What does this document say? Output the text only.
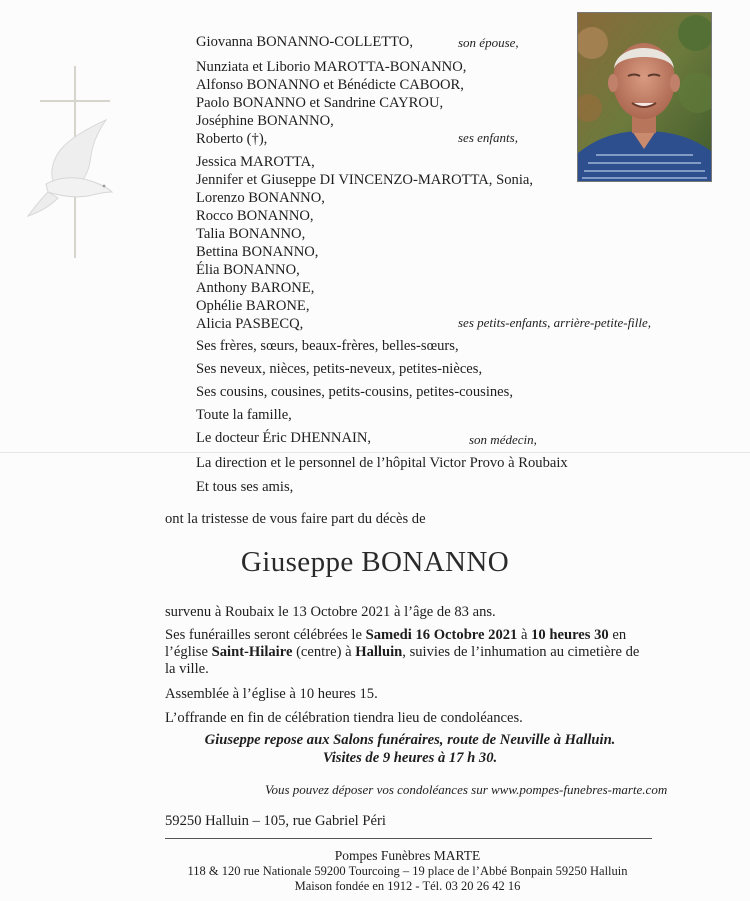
Giovanna BONANNO-COLLETTO,	son épouse,
Nunziata et Liborio MAROTTA-BONANNO,
Alfonso BONANNO et Bénédicte CABOOR,
Paolo BONANNO et Sandrine CAYROU,
Joséphine BONANNO,
Roberto (†),	ses enfants,
Jessica MAROTTA,
Jennifer et Giuseppe DI VINCENZO-MAROTTA, Sonia,
Lorenzo BONANNO,
Rocco BONANNO,
Talia BONANNO,
Bettina BONANNO,
Élia BONANNO,
Anthony BARONE,
Ophélie BARONE,
Alicia PASBECQ,	ses petits-enfants, arrière-petite-fille,
Ses frères, sœurs, beaux-frères, belles-sœurs,
Ses neveux, nièces, petits-neveux, petites-nièces,
Ses cousins, cousines, petits-cousins, petites-cousines,
Toute la famille,
Le docteur Éric DHENNAIN,	son médecin,
La direction et le personnel de l’hôpital Victor Provo à Roubaix
Et tous ses amis,
ont la tristesse de vous faire part du décès de
Giuseppe BONANNO
survenu à Roubaix le 13 Octobre 2021 à l’âge de 83 ans.
Ses funérailles seront célébrées le Samedi 16 Octobre 2021 à 10 heures 30 en
l’église Saint-Hilaire (centre) à Halluin, suivies de l’inhumation au cimetière de
la ville.
Assemblée à l’église à 10 heures 15.
L’offrande en fin de célébration tiendra lieu de condoléances.
Giuseppe repose aux Salons funéraires, route de Neuville à Halluin.
Visites de 9 heures à 17 h 30.
Vous pouvez déposer vos condoléances sur www.pompes-funebres-marte.com
59250 Halluin – 105, rue Gabriel Péri
Pompes Funèbres MARTE
118 & 120 rue Nationale 59200 Tourcoing – 19 place de l’Abbé Bonpain 59250 Halluin
Maison fondée en 1912 - Tél. 03 20 26 42 16
